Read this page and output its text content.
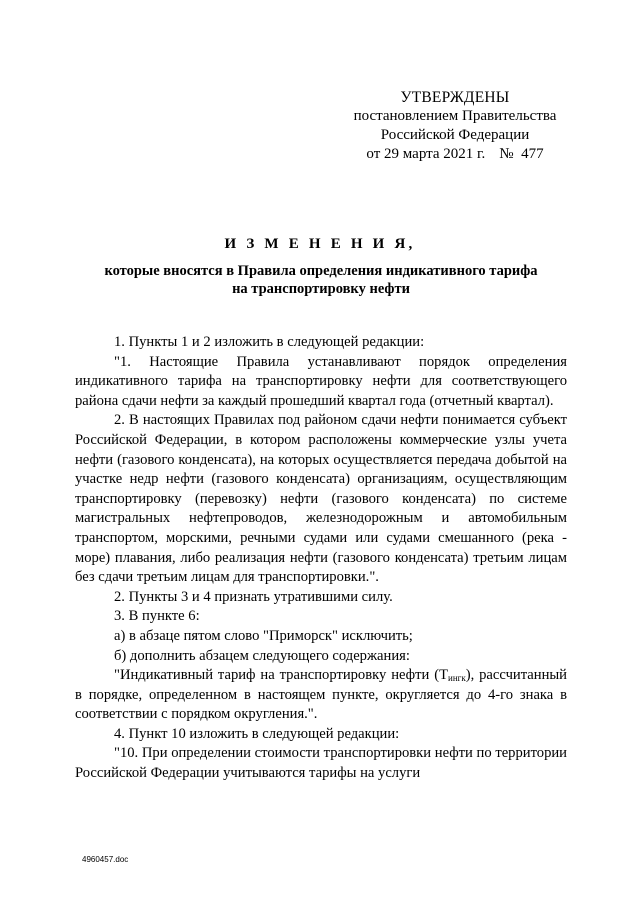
УТВЕРЖДЕНЫ
постановлением Правительства
Российской Федерации
от 29 марта 2021 г. № 477
И З М Е Н Е Н И Я,
которые вносятся в Правила определения индикативного тарифа
на транспортировку нефти

1. Пункты 1 и 2 изложить в следующей редакции:

"1. Настоящие Правила устанавливают порядок определения индикативного тарифа на транспортировку нефти для соответствующего района сдачи нефти за каждый прошедший квартал года (отчетный квартал).

2. В настоящих Правилах под районом сдачи нефти понимается субъект Российской Федерации, в котором расположены коммерческие узлы учета нефти (газового конденсата), на которых осуществляется передача добытой на участке недр нефти (газового конденсата) организациям, осуществляющим транспортировку (перевозку) нефти (газового конденсата) по системе магистральных нефтепроводов, железнодорожным и автомобильным транспортом, морскими, речными судами или судами смешанного (река - море) плавания, либо реализация нефти (газового конденсата) третьим лицам без сдачи третьим лицам для транспортировки.".

2. Пункты 3 и 4 признать утратившими силу.

3. В пункте 6:

а) в абзаце пятом слово "Приморск" исключить;

б) дополнить абзацем следующего содержания:

"Индикативный тариф на транспортировку нефти $(Т_{ингк})$, рассчитанный в порядке, определенном в настоящем пункте, округляется до 4-го знака в соответствии с порядком округления.".

4. Пункт 10 изложить в следующей редакции:

"10. При определении стоимости транспортировки нефти по территории Российской Федерации учитываются тарифы на услуги

4960457.doc
